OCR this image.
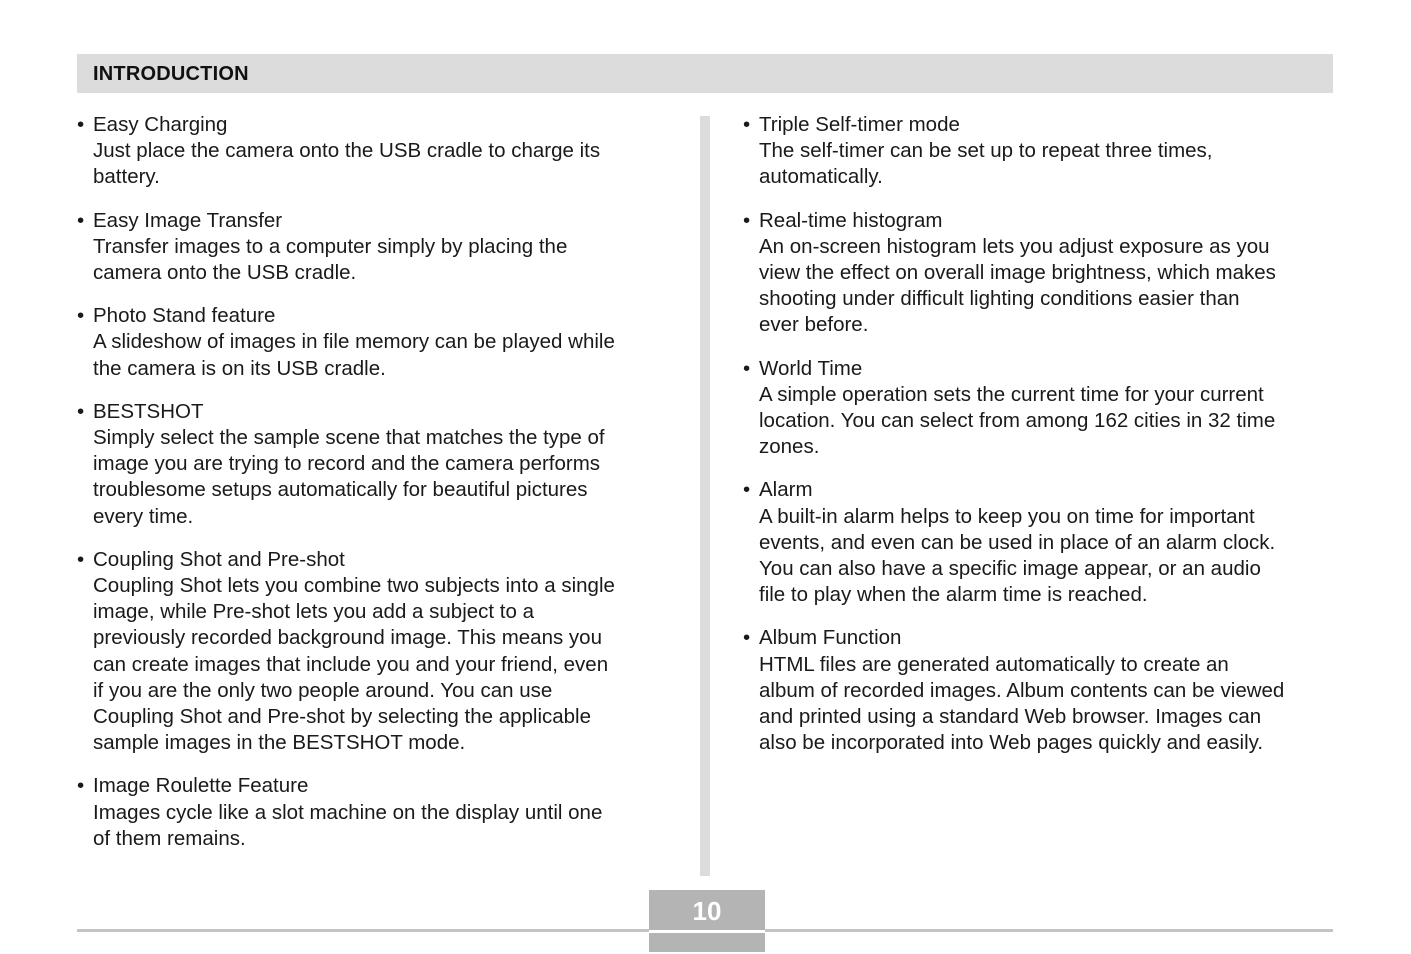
INTRODUCTION
• Easy Charging
Just place the camera onto the USB cradle to charge its
battery.
• Easy Image Transfer
Transfer images to a computer simply by placing the
camera onto the USB cradle.
• Photo Stand feature
A slideshow of images in file memory can be played while
the camera is on its USB cradle.
• BESTSHOT
Simply select the sample scene that matches the type of
image you are trying to record and the camera performs
troublesome setups automatically for beautiful pictures
every time.
• Coupling Shot and Pre-shot
Coupling Shot lets you combine two subjects into a single
image, while Pre-shot lets you add a subject to a
previously recorded background image. This means you
can create images that include you and your friend, even
if you are the only two people around. You can use
Coupling Shot and Pre-shot by selecting the applicable
sample images in the BESTSHOT mode.
• Image Roulette Feature
Images cycle like a slot machine on the display until one
of them remains.
• Triple Self-timer mode
The self-timer can be set up to repeat three times,
automatically.
• Real-time histogram
An on-screen histogram lets you adjust exposure as you
view the effect on overall image brightness, which makes
shooting under difficult lighting conditions easier than
ever before.
• World Time
A simple operation sets the current time for your current
location. You can select from among 162 cities in 32 time
zones.
• Alarm
A built-in alarm helps to keep you on time for important
events, and even can be used in place of an alarm clock.
You can also have a specific image appear, or an audio
file to play when the alarm time is reached.
• Album Function
HTML files are generated automatically to create an
album of recorded images. Album contents can be viewed
and printed using a standard Web browser. Images can
also be incorporated into Web pages quickly and easily.
10
